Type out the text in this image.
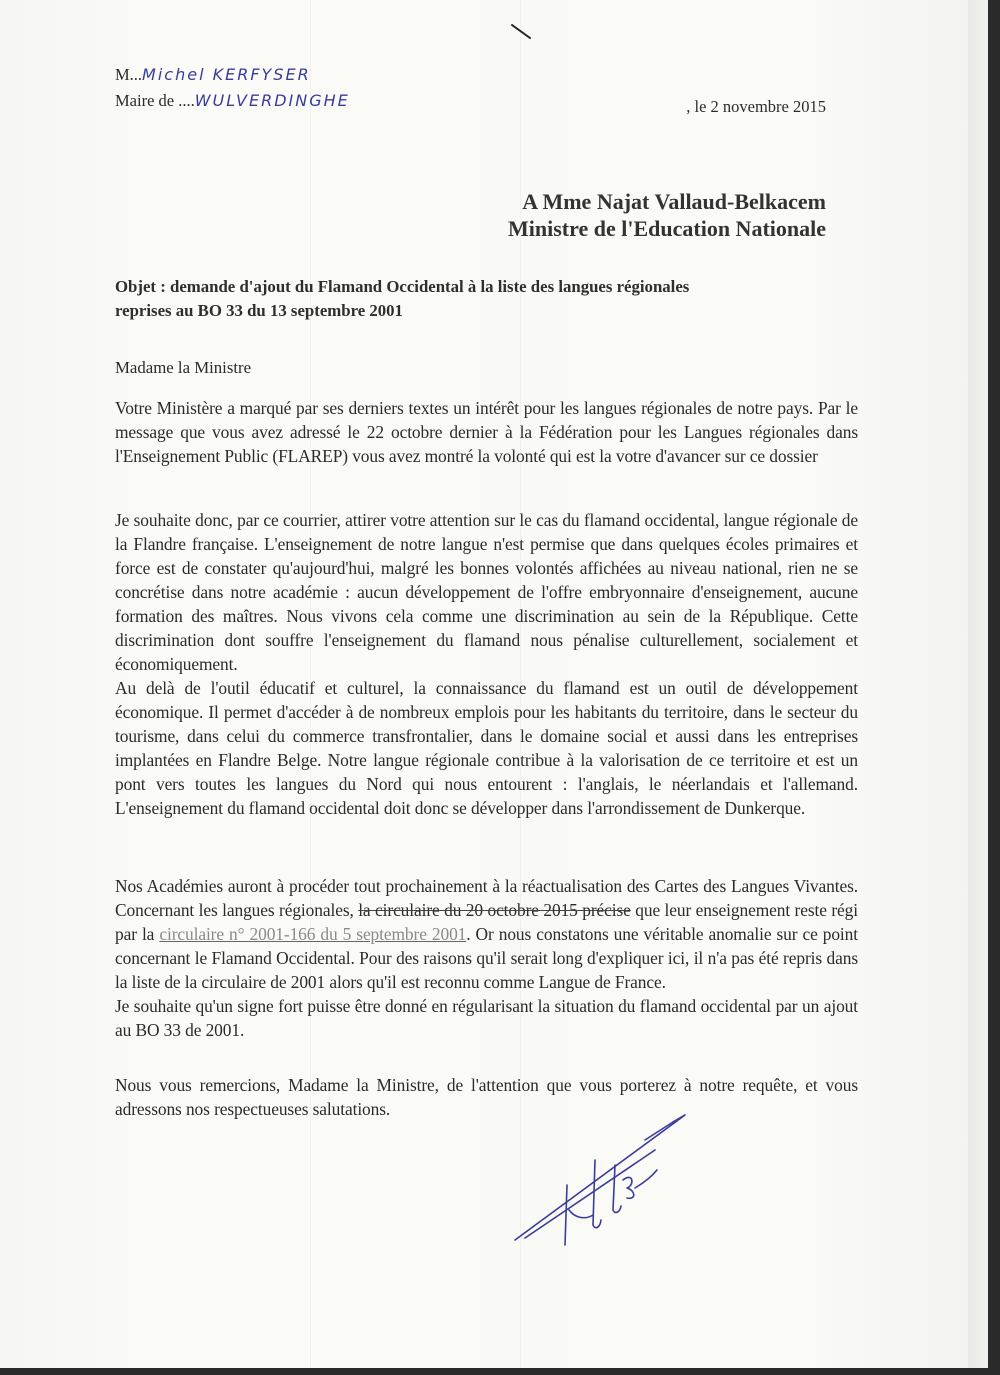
M...Michel KERFYSER
Maire de ....WULVERDINGHE	, le 2 novembre 2015
A Mme Najat Vallaud-Belkacem
Ministre de l'Education Nationale
Objet : demande d'ajout du Flamand Occidental à la liste des langues régionales
reprises au BO 33 du 13 septembre 2001
Madame la Ministre
Votre Ministère a marqué par ses derniers textes un intérêt pour les langues régionales de notre pays. Par le message que vous avez adressé le 22 octobre dernier à la Fédération pour les Langues régionales dans l'Enseignement Public (FLAREP) vous avez montré la volonté qui est la votre d'avancer sur ce dossier
Je souhaite donc, par ce courrier, attirer votre attention sur le cas du flamand occidental, langue régionale de la Flandre française. L'enseignement de notre langue n'est permise que dans quelques écoles primaires et force est de constater qu'aujourd'hui, malgré les bonnes volontés affichées au niveau national, rien ne se concrétise dans notre académie : aucun développement de l'offre embryonnaire d'enseignement, aucune formation des maîtres. Nous vivons cela comme une discrimination au sein de la République. Cette discrimination dont souffre l'enseignement du flamand nous pénalise culturellement, socialement et économiquement.
Au delà de l'outil éducatif et culturel, la connaissance du flamand est un outil de développement économique. Il permet d'accéder à de nombreux emplois pour les habitants du territoire, dans le secteur du tourisme, dans celui du commerce transfrontalier, dans le domaine social et aussi dans les entreprises implantées en Flandre Belge. Notre langue régionale contribue à la valorisation de ce territoire et est un pont vers toutes les langues du Nord qui nous entourent : l'anglais, le néerlandais et l'allemand. L'enseignement du flamand occidental doit donc se développer dans l'arrondissement de Dunkerque.
Nos Académies auront à procéder tout prochainement à la réactualisation des Cartes des Langues Vivantes. Concernant les langues régionales, la circulaire du 20 octobre 2015 précise que leur enseignement reste régi par la circulaire n° 2001-166 du 5 septembre 2001. Or nous constatons une véritable anomalie sur ce point concernant le Flamand Occidental. Pour des raisons qu'il serait long d'expliquer ici, il n'a pas été repris dans la liste de la circulaire de 2001 alors qu'il est reconnu comme Langue de France.
Je souhaite qu'un signe fort puisse être donné en régularisant la situation du flamand occidental par un ajout au BO 33 de 2001.
Nous vous remercions, Madame la Ministre, de l'attention que vous porterez à notre requête, et vous adressons nos respectueuses salutations.
